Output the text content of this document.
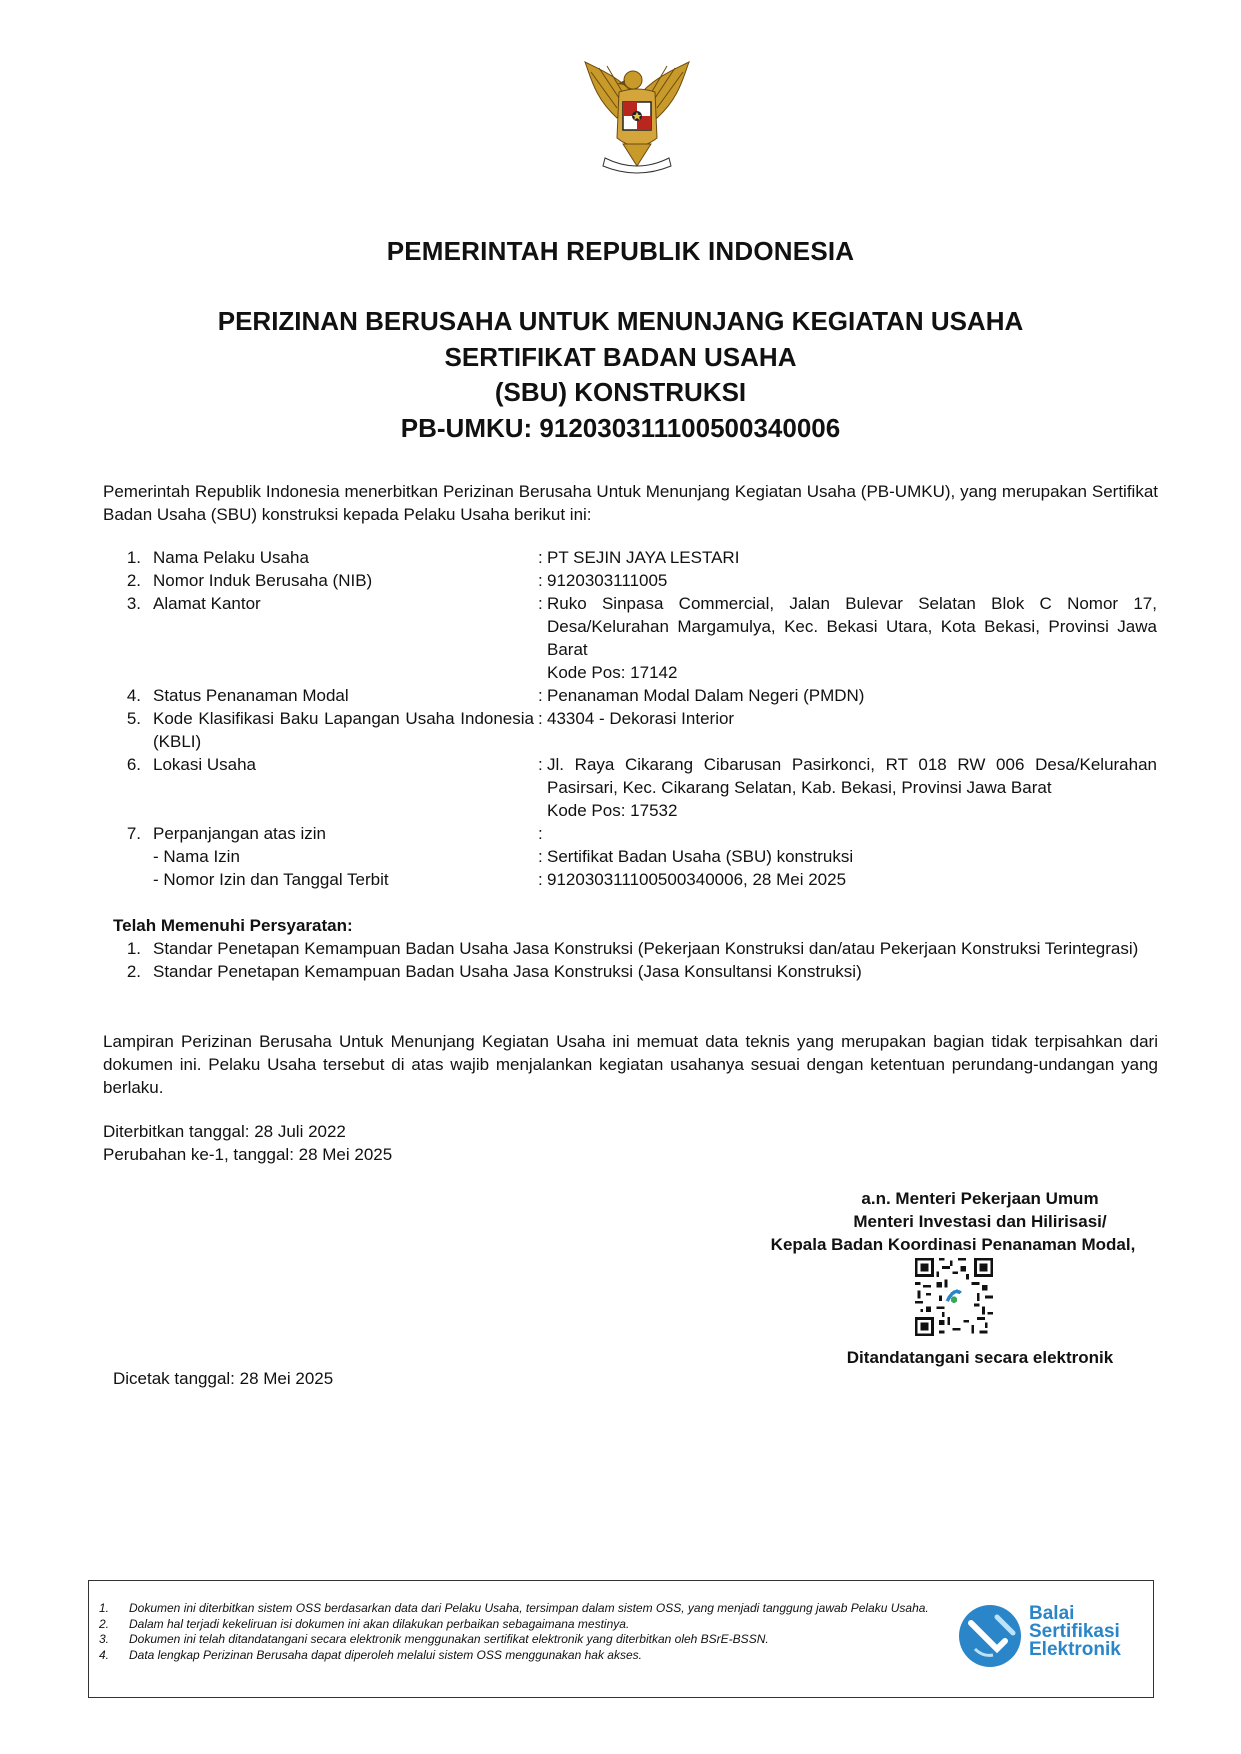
PEMERINTAH REPUBLIK INDONESIA
PERIZINAN BERUSAHA UNTUK MENUNJANG KEGIATAN USAHA
SERTIFIKAT BADAN USAHA
(SBU) KONSTRUKSI
PB-UMKU: 912030311100500340006
Pemerintah Republik Indonesia menerbitkan Perizinan Berusaha Untuk Menunjang Kegiatan Usaha (PB-UMKU), yang merupakan Sertifikat Badan Usaha (SBU) konstruksi kepada Pelaku Usaha berikut ini:
1. Nama Pelaku Usaha	: PT SEJIN JAYA LESTARI
2. Nomor Induk Berusaha (NIB)	: 9120303111005
3. Alamat Kantor	: Ruko Sinpasa Commercial, Jalan Bulevar Selatan Blok C Nomor 17, Desa/Kelurahan Margamulya, Kec. Bekasi Utara, Kota Bekasi, Provinsi Jawa Barat
Kode Pos: 17142
4. Status Penanaman Modal	: Penanaman Modal Dalam Negeri (PMDN)
5. Kode Klasifikasi Baku Lapangan Usaha Indonesia (KBLI)
: 43304 - Dekorasi Interior
6. Lokasi Usaha	: Jl. Raya Cikarang Cibarusan Pasirkonci, RT 018 RW 006 Desa/Kelurahan Pasirsari, Kec. Cikarang Selatan, Kab. Bekasi, Provinsi Jawa Barat
Kode Pos: 17532
7. Perpanjangan atas izin	:
- Nama Izin	: Sertifikat Badan Usaha (SBU) konstruksi
- Nomor Izin dan Tanggal Terbit	: 912030311100500340006, 28 Mei 2025
Telah Memenuhi Persyaratan:
1. Standar Penetapan Kemampuan Badan Usaha Jasa Konstruksi (Pekerjaan Konstruksi dan/atau Pekerjaan Konstruksi Terintegrasi)
2. Standar Penetapan Kemampuan Badan Usaha Jasa Konstruksi (Jasa Konsultansi Konstruksi)
Lampiran Perizinan Berusaha Untuk Menunjang Kegiatan Usaha ini memuat data teknis yang merupakan bagian tidak terpisahkan dari dokumen ini. Pelaku Usaha tersebut di atas wajib menjalankan kegiatan usahanya sesuai dengan ketentuan perundang-undangan yang berlaku.
Diterbitkan tanggal: 28 Juli 2022
Perubahan ke-1, tanggal: 28 Mei 2025
a.n. Menteri Pekerjaan Umum
Menteri Investasi dan Hilirisasi/
Kepala Badan Koordinasi Penanaman Modal,
Ditandatangani secara elektronik
Dicetak tanggal: 28 Mei 2025
1.	Dokumen ini diterbitkan sistem OSS berdasarkan data dari Pelaku Usaha, tersimpan dalam sistem OSS, yang menjadi tanggung jawab Pelaku Usaha.
2.	Dalam hal terjadi kekeliruan isi dokumen ini akan dilakukan perbaikan sebagaimana mestinya.
3.	Dokumen ini telah ditandatangani secara elektronik menggunakan sertifikat elektronik yang diterbitkan oleh BSrE-BSSN.
4.	Data lengkap Perizinan Berusaha dapat diperoleh melalui sistem OSS menggunakan hak akses.
Balai
Sertifikasi
Elektronik
